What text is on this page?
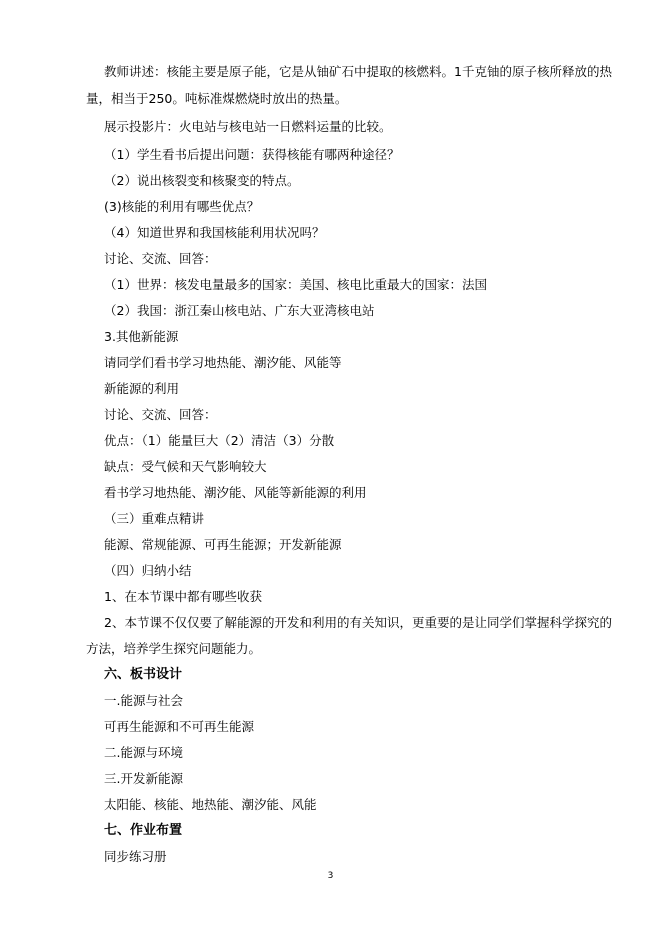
教师讲述：核能主要是原子能，它是从铀矿石中提取的核燃料。1千克铀的原子核所释放的热
量，相当于250。吨标准煤燃烧时放出的热量。
展示投影片：火电站与核电站一日燃料运量的比较。
（1）学生看书后提出问题：获得核能有哪两种途径？
（2）说出核裂变和核聚变的特点。
(3)核能的利用有哪些优点？
（4）知道世界和我国核能利用状况吗？
讨论、交流、回答：
（1）世界：核发电量最多的国家：美国、核电比重最大的国家：法国
（2）我国：浙江秦山核电站、广东大亚湾核电站
3.其他新能源
请同学们看书学习地热能、潮汐能、风能等
新能源的利用
讨论、交流、回答：
优点：（1）能量巨大（2）清洁（3）分散
缺点：受气候和天气影响较大
看书学习地热能、潮汐能、风能等新能源的利用
（三）重难点精讲
能源、常规能源、可再生能源；开发新能源
（四）归纳小结
1、在本节课中都有哪些收获
2、本节课不仅仅要了解能源的开发和利用的有关知识，更重要的是让同学们掌握科学探究的
方法，培养学生探究问题能力。
六、板书设计
一.能源与社会
可再生能源和不可再生能源
二.能源与环境
三.开发新能源
太阳能、核能、地热能、潮汐能、风能
七、作业布置
同步练习册
3
